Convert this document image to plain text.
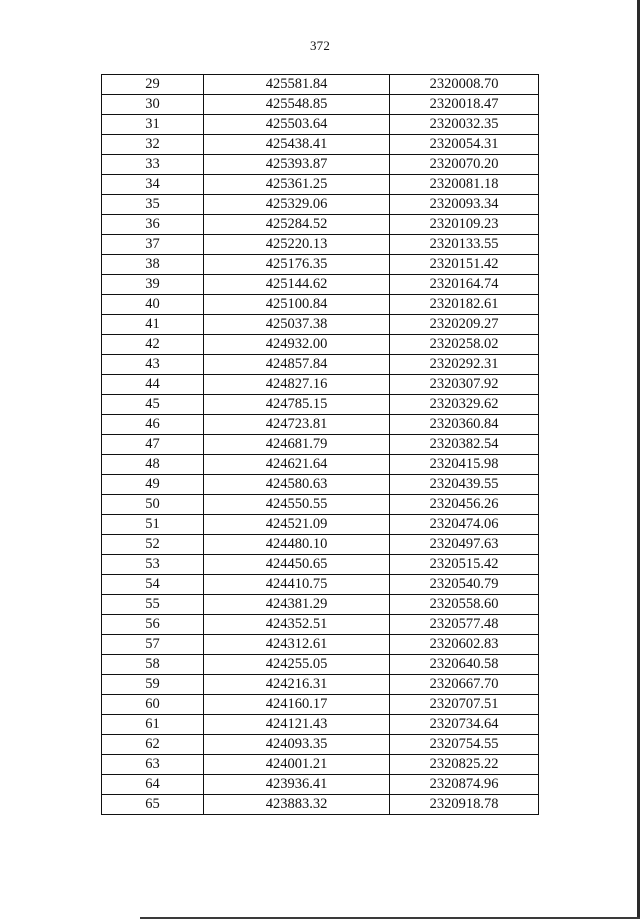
372
29	425581.84	2320008.70
30	425548.85	2320018.47
31	425503.64	2320032.35
32	425438.41	2320054.31
33	425393.87	2320070.20
34	425361.25	2320081.18
35	425329.06	2320093.34
36	425284.52	2320109.23
37	425220.13	2320133.55
38	425176.35	2320151.42
39	425144.62	2320164.74
40	425100.84	2320182.61
41	425037.38	2320209.27
42	424932.00	2320258.02
43	424857.84	2320292.31
44	424827.16	2320307.92
45	424785.15	2320329.62
46	424723.81	2320360.84
47	424681.79	2320382.54
48	424621.64	2320415.98
49	424580.63	2320439.55
50	424550.55	2320456.26
51	424521.09	2320474.06
52	424480.10	2320497.63
53	424450.65	2320515.42
54	424410.75	2320540.79
55	424381.29	2320558.60
56	424352.51	2320577.48
57	424312.61	2320602.83
58	424255.05	2320640.58
59	424216.31	2320667.70
60	424160.17	2320707.51
61	424121.43	2320734.64
62	424093.35	2320754.55
63	424001.21	2320825.22
64	423936.41	2320874.96
65	423883.32	2320918.78
